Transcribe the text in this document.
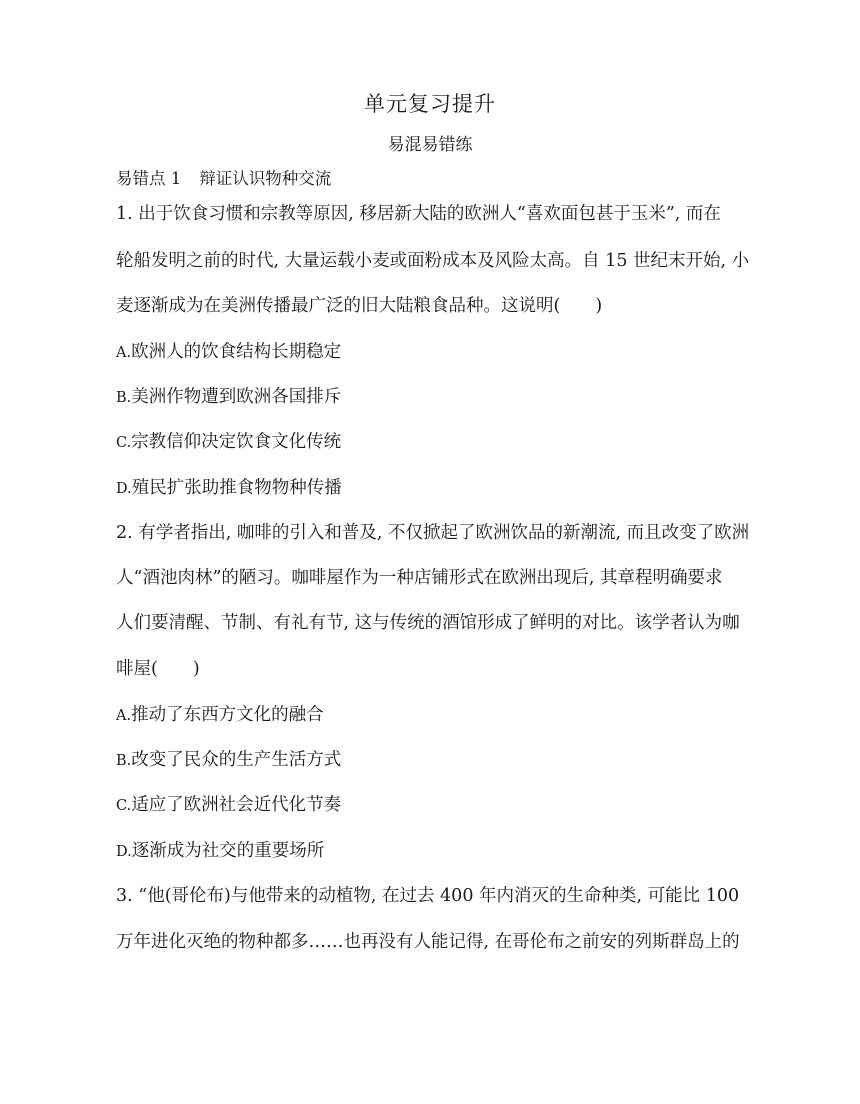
单元复习提升
易混易错练
易错点 1 辩证认识物种交流
1. 出于饮食习惯和宗教等原因, 移居新大陆的欧洲人“喜欢面包甚于玉米”, 而在
轮船发明之前的时代, 大量运载小麦或面粉成本及风险太高。自 15 世纪末开始, 小
麦逐渐成为在美洲传播最广泛的旧大陆粮食品种。这说明(　　)
A.欧洲人的饮食结构长期稳定
B.美洲作物遭到欧洲各国排斥
C.宗教信仰决定饮食文化传统
D.殖民扩张助推食物物种传播
2. 有学者指出, 咖啡的引入和普及, 不仅掀起了欧洲饮品的新潮流, 而且改变了欧洲
人“酒池肉林”的陋习。咖啡屋作为一种店铺形式在欧洲出现后, 其章程明确要求
人们要清醒、节制、有礼有节, 这与传统的酒馆形成了鲜明的对比。该学者认为咖
啡屋(　　)
A.推动了东西方文化的融合
B.改变了民众的生产生活方式
C.适应了欧洲社会近代化节奏
D.逐渐成为社交的重要场所
3. “他(哥伦布)与他带来的动植物, 在过去 400 年内消灭的生命种类, 可能比 100
万年进化灭绝的物种都多……也再没有人能记得, 在哥伦布之前安的列斯群岛上的
